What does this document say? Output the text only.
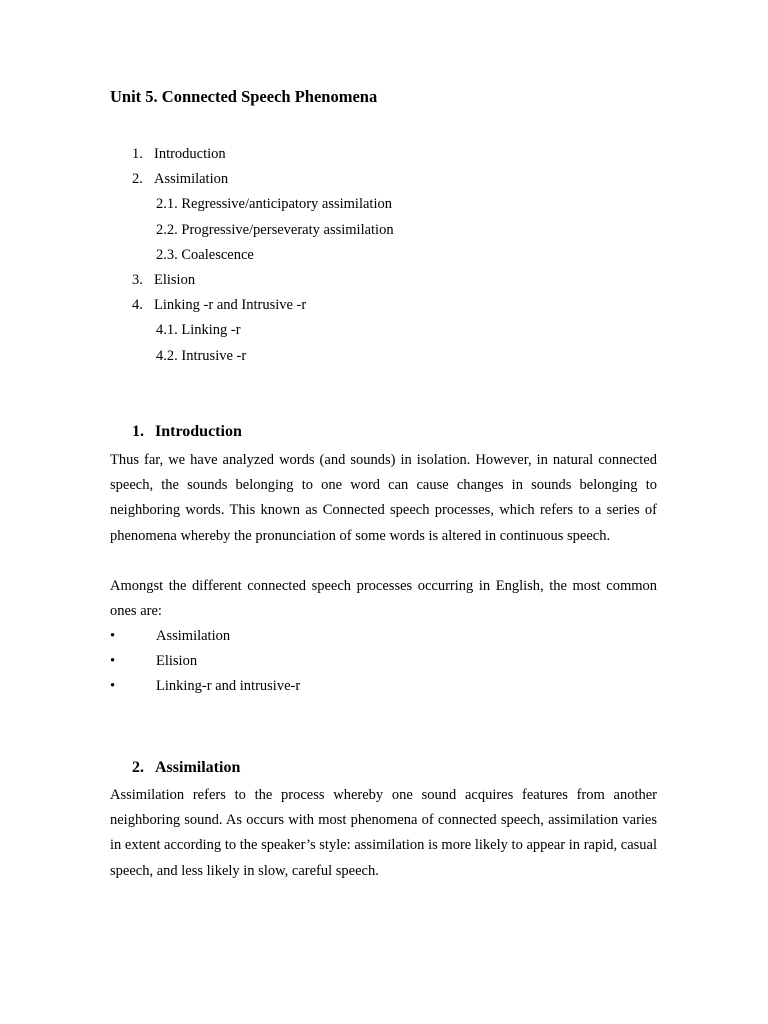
Unit 5. Connected Speech Phenomena
1. Introduction
2. Assimilation
2.1. Regressive/anticipatory assimilation
2.2. Progressive/perseveraty assimilation
2.3. Coalescence
3. Elision
4. Linking -r and Intrusive -r
4.1. Linking -r
4.2. Intrusive -r
1. Introduction

Thus far, we have analyzed words (and sounds) in isolation. However, in natural connected speech, the sounds belonging to one word can cause changes in sounds belonging to neighboring words. This known as Connected speech processes, which refers to a series of phenomena whereby the pronunciation of some words is altered in continuous speech.

Amongst the different connected speech processes occurring in English, the most common ones are:

•	Assimilation
•	Elision
•	Linking-r and intrusive-r
2. Assimilation

Assimilation refers to the process whereby one sound acquires features from another neighboring sound. As occurs with most phenomena of connected speech, assimilation varies in extent according to the speaker’s style: assimilation is more likely to appear in rapid, casual speech, and less likely in slow, careful speech.
